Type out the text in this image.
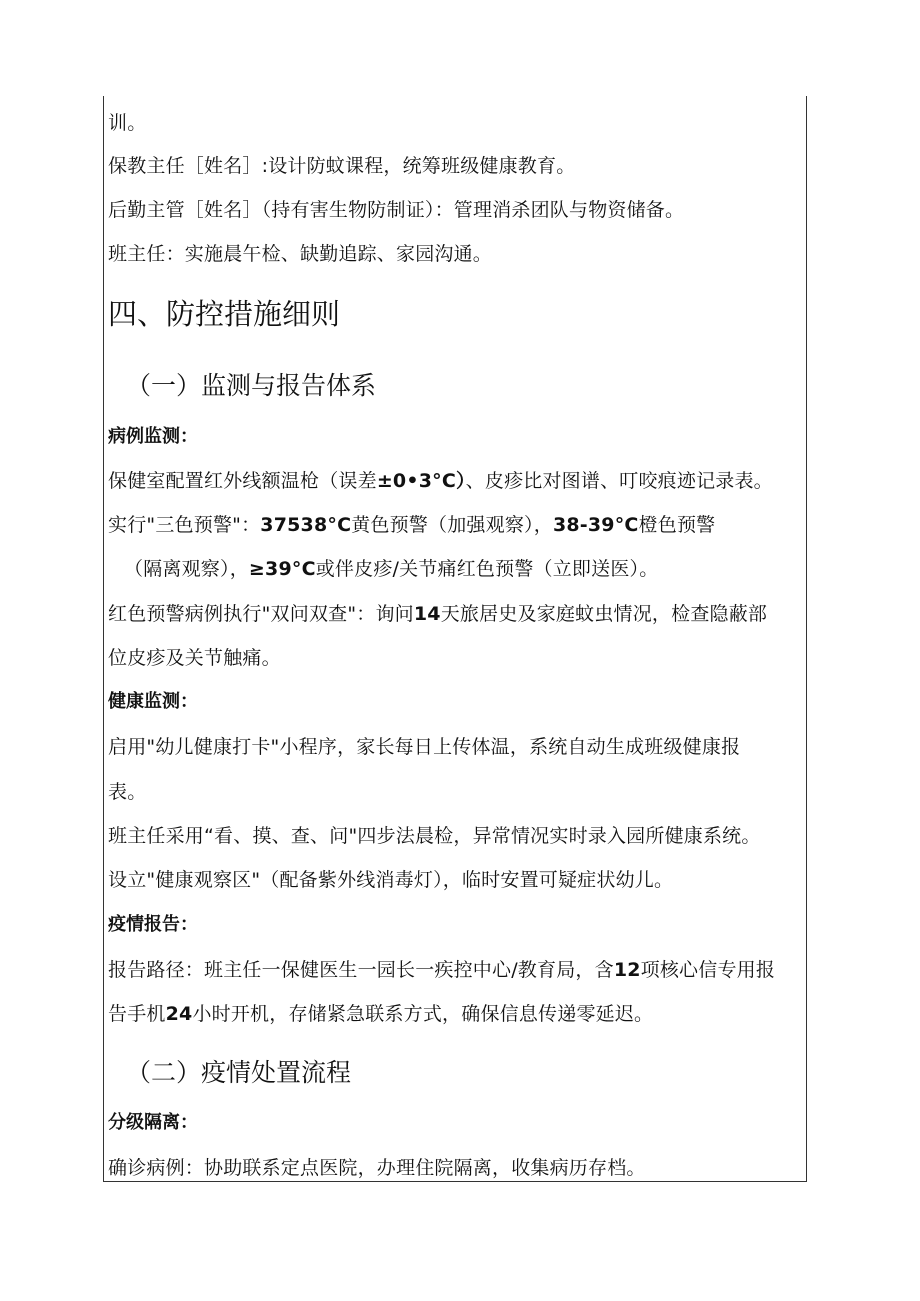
训。
保教主任［姓名］:设计防蚊课程，统筹班级健康教育。
后勤主管［姓名］（持有害生物防制证）：管理消杀团队与物资储备。
班主任：实施晨午检、缺勤追踪、家园沟通。
四、防控措施细则
（一）监测与报告体系
病例监测：
保健室配置红外线额温枪（误差±0•3°C）、皮疹比对图谱、叮咬痕迹记录表。
实行"三色预警"：37538°C黄色预警（加强观察），38-39°C橙色预警
（隔离观察），≥39°C或伴皮疹/关节痛红色预警（立即送医）。
红色预警病例执行"双问双查"：询问14天旅居史及家庭蚊虫情况，检查隐蔽部
位皮疹及关节触痛。
健康监测：
启用"幼儿健康打卡"小程序，家长每日上传体温，系统自动生成班级健康报
表。
班主任采用“看、摸、查、问"四步法晨检，异常情况实时录入园所健康系统。
设立"健康观察区"（配备紫外线消毒灯），临时安置可疑症状幼儿。
疫情报告：
报告路径：班主任一保健医生一园长一疾控中心/教育局，含12项核心信专用报
告手机24小时开机，存储紧急联系方式，确保信息传递零延迟。
（二）疫情处置流程
分级隔离：
确诊病例：协助联系定点医院，办理住院隔离，收集病历存档。
